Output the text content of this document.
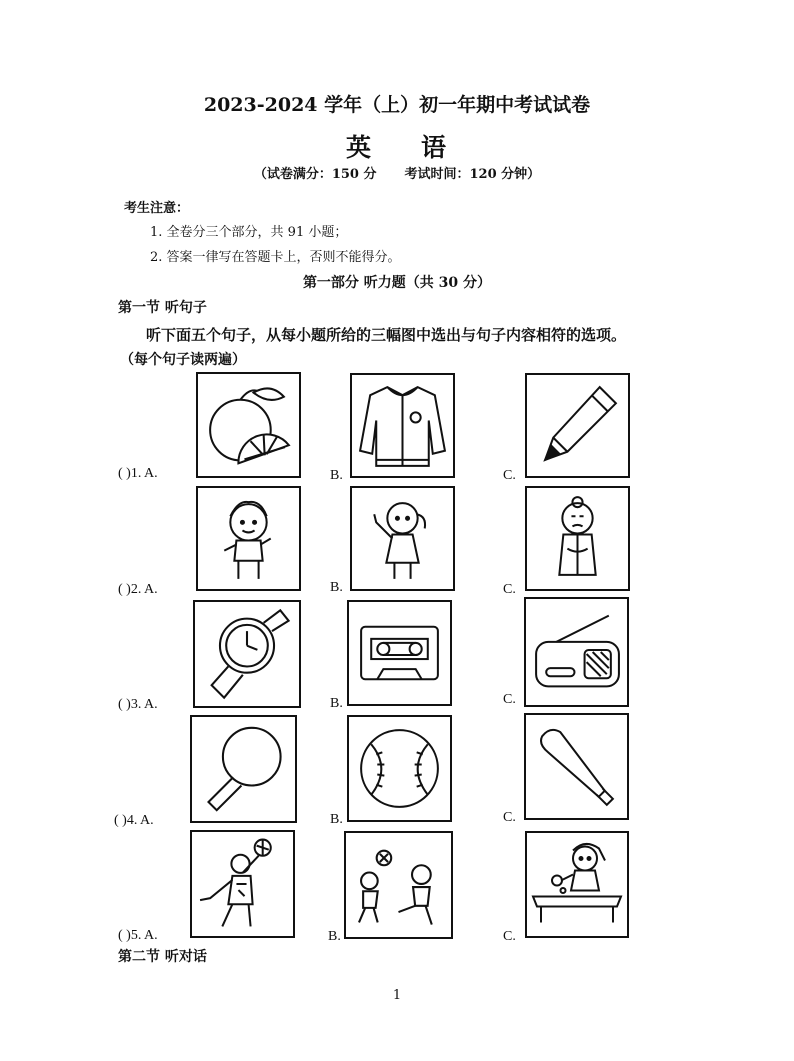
2023-2024 学年（上）初一年期中考试试卷
英 语
（试卷满分：150 分 考试时间：120 分钟）
考生注意：
1. 全卷分三个部分，共 91 小题；
2. 答案一律写在答题卡上，否则不能得分。
第一部分 听力题（共 30 分）
第一节 听句子
听下面五个句子，从每小题所给的三幅图中选出与句子内容相符的选项。
（每个句子读两遍）
( )1. A.	B.	C.
( )2. A.	B.	C.
( )3. A.	B.	C.
( )4. A.	B.	C.
( )5. A.	B.	C.
第二节 听对话
1
